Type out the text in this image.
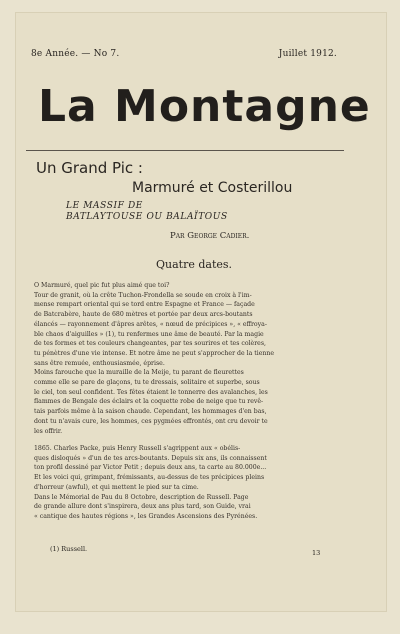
8e Année. — No 7.	Juillet 1912.
La Montagne
Un Grand Pic :
Marmuré et Costerillou
LE MASSIF DE
BATLAYTOUSE OU BALAÏTOUS
Par George Cadier.
Quatre dates.
O Marmuré, quel pic fut plus aimé que toi?
Tour de granit, où la crête Tuchon-Frondella se soude en croix à l'im-
mense rempart oriental qui se tord entre Espagne et France — façade
de Batcrabère, haute de 680 mètres et portée par deux arcs-boutants
élancés — rayonnement d'âpres arêtes, « nœud de précipices », « effroya-
ble chaos d'aiguilles » (1), tu renfermes une âme de beauté. Par la magie
de tes formes et tes couleurs changeantes, par tes sourires et tes colères,
tu pénètres d'une vie intense. Et notre âme ne peut s'approcher de la tienne
sans être remuée, enthousiasmée, éprise.
Moins farouche que la muraille de la Meije, tu parant de fleurettes
comme elle se pare de glaçons, tu te dressais, solitaire et superbe, sous
le ciel, ton seul confident. Tes fêtes étaient le tonnerre des avalanches, les
flammes de Bengale des éclairs et la coquette robe de neige que tu revê-
tais parfois même à la saison chaude. Cependant, les hommages d'en bas,
dont tu n'avais cure, les hommes, ces pygmées effrontés, ont cru devoir te
les offrir.
1865. Charles Packe, puis Henry Russell s'agrippent aux « obélis-
ques disloqués » d'un de tes arcs-boutants. Depuis six ans, ils connaissent
ton profil dessiné par Victor Petit ; depuis deux ans, ta carte au 80.000e...
Et les voici qui, grimpant, frémissants, au-dessus de tes précipices pleins
d'horreur (awful), et qui mettent le pied sur ta cime.
Dans le Mémorial de Pau du 8 Octobre, description de Russell. Page
de grande allure dont s'inspirera, deux ans plus tard, son Guide, vrai
« cantique des hautes régions », les Grandes Ascensions des Pyrénées.
(1) Russell.	13
